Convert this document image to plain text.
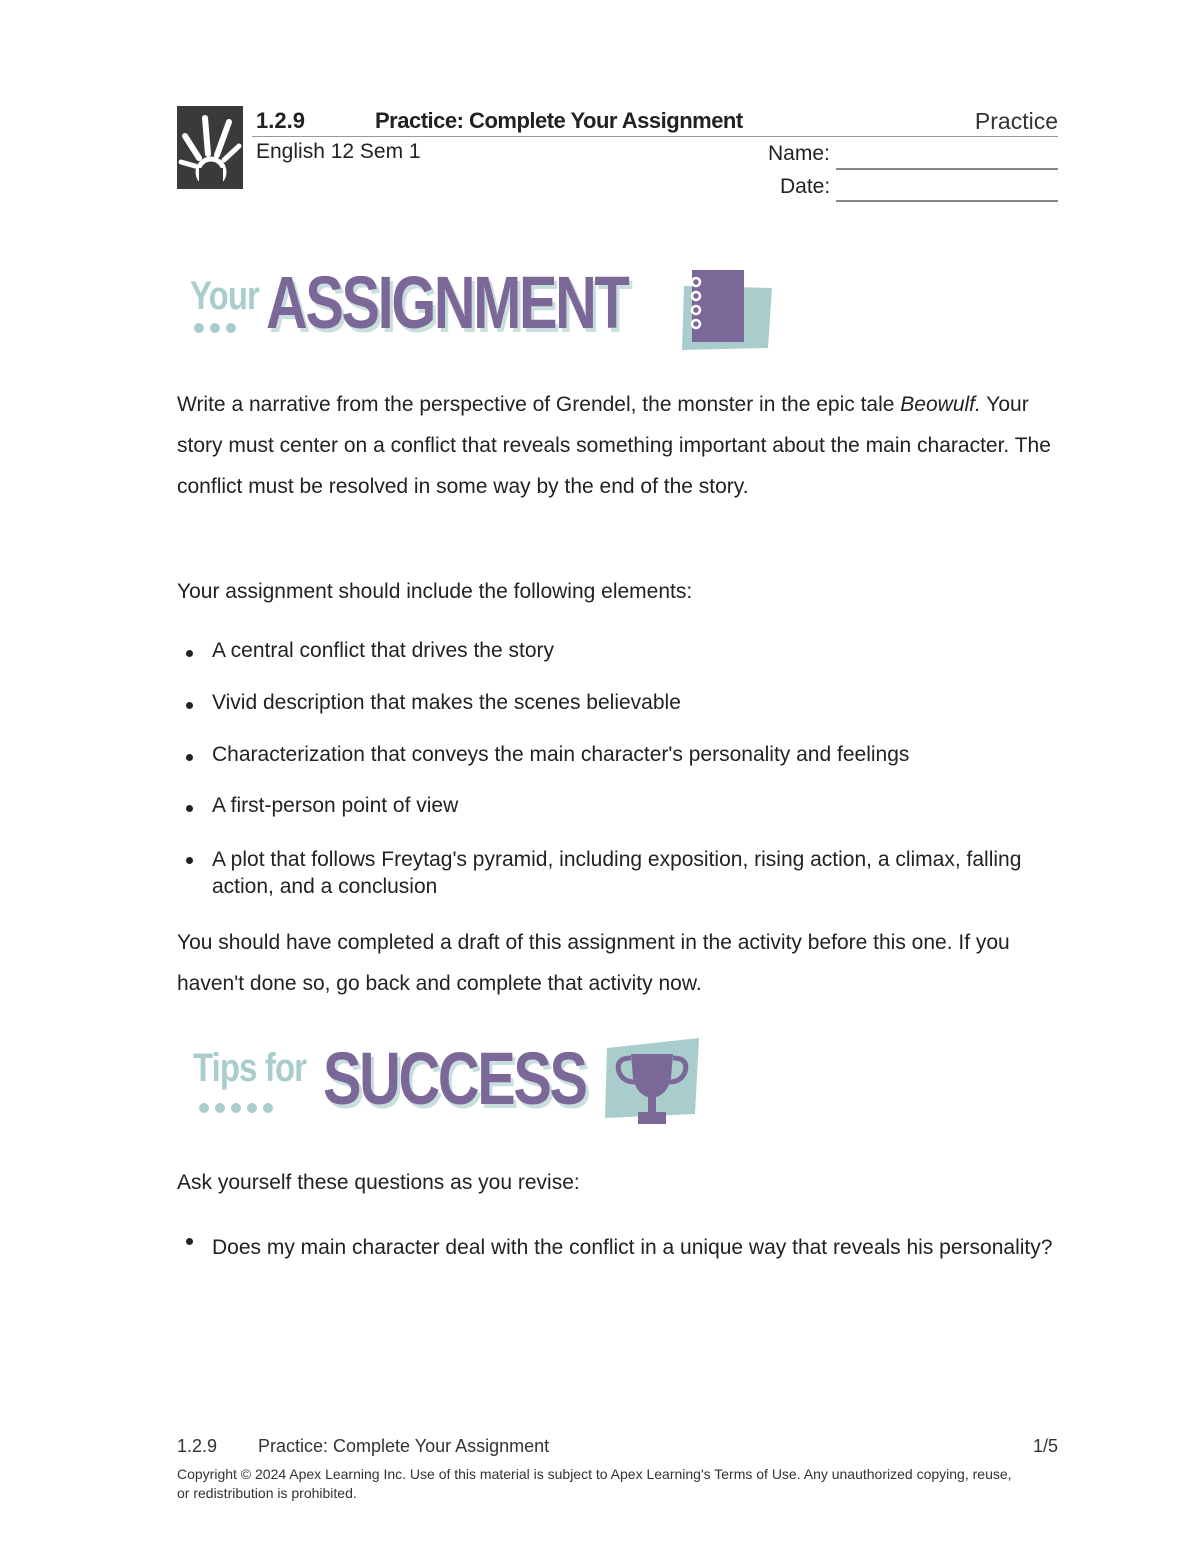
1.2.9	Practice: Complete Your Assignment	Practice
English 12 Sem 1	Name:
Date:
Your ASSIGNMENT
Write a narrative from the perspective of Grendel, the monster in the epic tale Beowulf. Your story must center on a conflict that reveals something important about the main character. The conflict must be resolved in some way by the end of the story.
Your assignment should include the following elements:
A central conflict that drives the story
Vivid description that makes the scenes believable
Characterization that conveys the main character's personality and feelings
A first-person point of view
A plot that follows Freytag's pyramid, including exposition, rising action, a climax, falling action, and a conclusion
You should have completed a draft of this assignment in the activity before this one. If you haven't done so, go back and complete that activity now.
Tips for SUCCESS
Ask yourself these questions as you revise:
Does my main character deal with the conflict in a unique way that reveals his personality?
1.2.9 Practice: Complete Your Assignment	1/5
Copyright © 2024 Apex Learning Inc. Use of this material is subject to Apex Learning's Terms of Use. Any unauthorized copying, reuse, or redistribution is prohibited.
